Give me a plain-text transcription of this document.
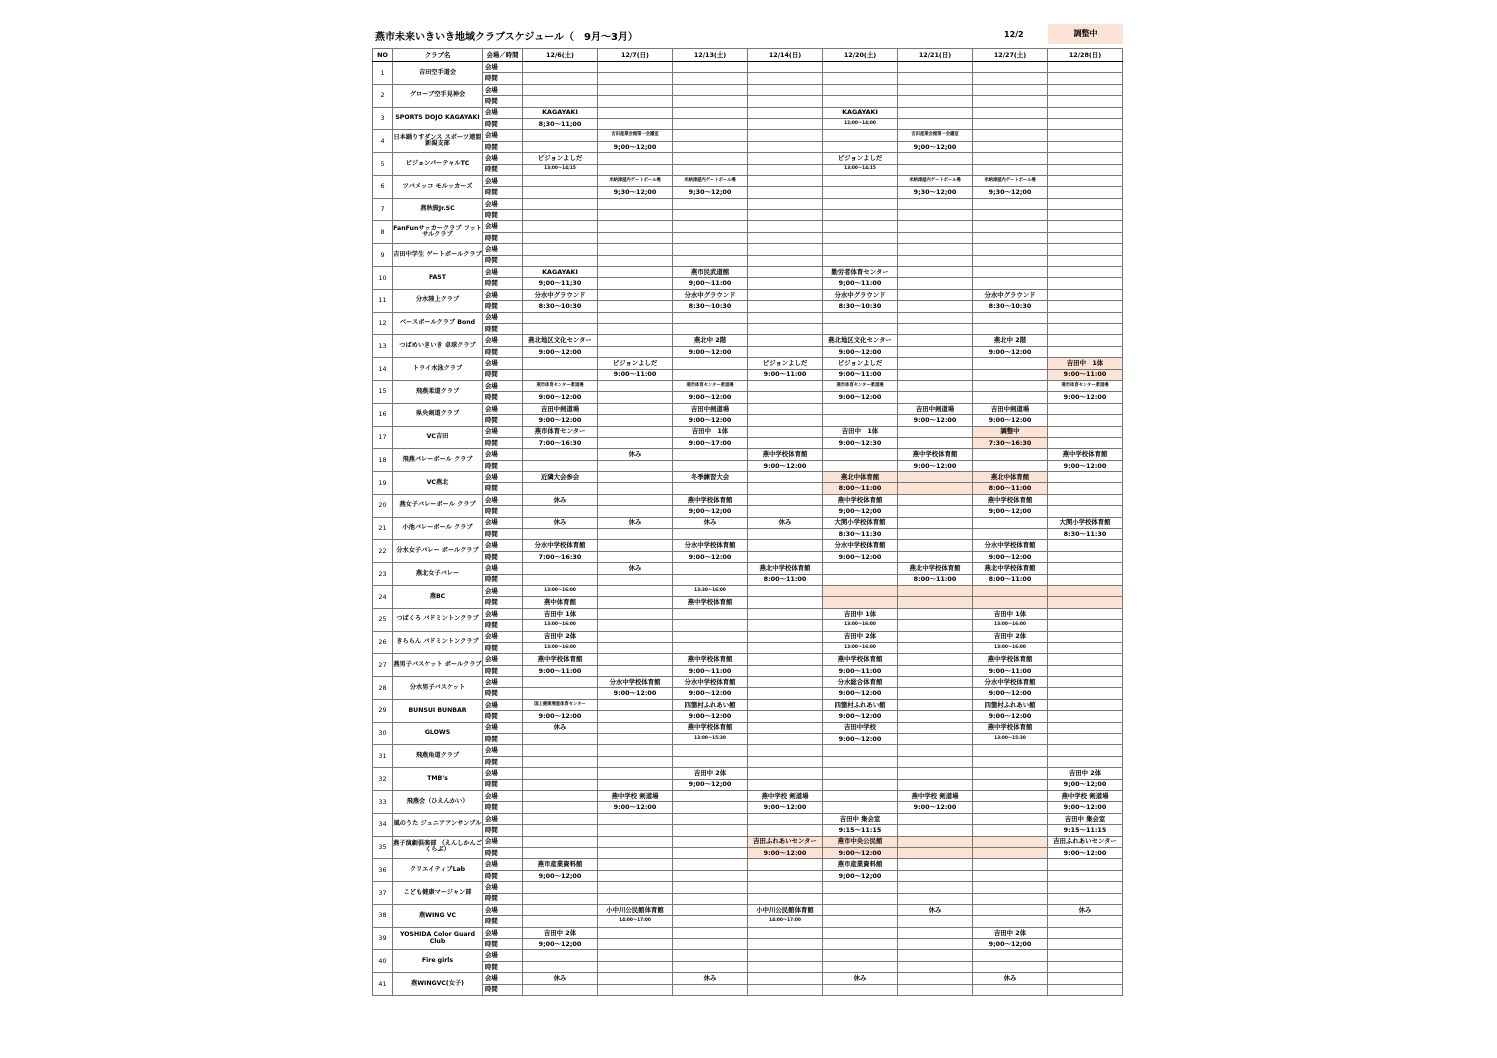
燕市未来いきいき地域クラブスケジュール（　9月～3月）	12/2	調整中
NO	クラブ名	会場／時間	12/6(土)	12/7(日)	12/13(土)	12/14(日)	12/20(土)	12/21(日)	12/27(土)	12/28(日)
1	吉田空手道会	会場								
		時間								
2	グローブ空手見神会	会場								
		時間								
3	SPORTS DOJO KAGAYAKI	会場	KAGAYAKI				KAGAYAKI			
		時間	8;30～11;00				12;00～14;00			
4	日本踊りすダンス スポーツ連盟新潟支部	会場		吉田産業会館第一会議室				吉田産業会館第一会議室		
		時間		9;00～12;00				9;00～12;00		
5	ビジョンパーテャルTC	会場	ビジョンよしだ				ビジョンよしだ			
		時間	13;00～14;15				13;00～14;15			
6	ツバメッコ モルッカーズ	会場		米納津屋内ゲートボール場	米納津屋内ゲートボール場			米納津屋内ゲートボール場	米納津屋内ゲートボール場	
		時間		9;30～12;00	9;30～12;00			9;30～12;00	9;30～12;00	
7	燕秋振Jr.SC	会場								
		時間								
8	FanFunサッカークラブ フットサルクラブ	会場								
		時間								
9	吉田中学生 ゲートボールクラブ	会場								
		時間								
10	FAST	会場	KAGAYAKI		燕市民武道館		勤労者体育センター			
		時間	9;00～11;30		9;00～11:00		9;00～11:00			
11	分水陸上クラブ	会場	分水中グラウンド		分水中グラウンド		分水中グラウンド		分水中グラウンド	
		時間	8:30～10:30		8:30～10:30		8:30～10:30		8:30～10:30	
12	ベースボールクラブ Bond	会場								
		時間								
13	つばめいきいき 卓球クラブ	会場	燕北地区文化センター		燕北中 2階		燕北地区文化センター		燕北中 2階	
		時間	9:00～12:00		9:00～12:00		9:00～12:00		9:00～12:00	
14	トライ水泳クラブ	会場		ビジョンよしだ		ビジョンよしだ	ビジョンよしだ			吉田中　1体
		時間		9:00～11:00		9:00～11:00	9:00～11:00			9:00～11:00
15	飛燕柔道クラブ	会場	燕市体育センター柔道場		燕市体育センター柔道場		燕市体育センター柔道場			燕市体育センター柔道場
		時間	9:00～12:00		9:00～12:00		9:00～12:00			9:00～12:00
16	県央剣道クラブ	会場	吉田中剣道場		吉田中剣道場			吉田中剣道場	吉田中剣道場	
		時間	9:00～12:00		9:00～12:00			9:00～12:00	9:00～12:00	
17	VC吉田	会場	燕市体育センター		吉田中　1体		吉田中　1体		調整中	
		時間	7:00～16:30		9:00～17:00		9:00～12:30		7:30～16:30	
18	飛燕バレーボール クラブ	会場		休み		燕中学校体育館		燕中学校体育館		燕中学校体育館
		時間				9:00～12:00		9:00～12:00		9:00～12:00
19	VC燕北	会場	近隣大会参会		冬季練習大会		燕北中体育館		燕北中体育館	
		時間					8:00～11:00		8:00～11:00	
20	燕女子バレーボール クラブ	会場	休み		燕中学校体育館		燕中学校体育館		燕中学校体育館	
		時間			9;00～12;00		9;00～12;00		9;00～12;00	
21	小池バレーボール クラブ	会場	休み	休み	休み	休み	大関小学校体育館			大関小学校体育館
		時間					8:30～11:30			8:30～11:30
22	分水女子バレー ボールクラブ	会場	分水中学校体育館		分水中学校体育館		分水中学校体育館		分水中学校体育館	
		時間	7:00～16:30		9:00～12:00		9:00～12:00		9:00～12:00	
23	燕北女子バレー	会場		休み		燕北中学校体育館		燕北中学校体育館	燕北中学校体育館	
		時間				8:00～11:00		8:00～11:00	8:00～11:00	
24	燕BC	会場	13:00～16:00		13:30～16:00					
		時間	燕中体育館		燕中学校体育館					
25	つばくろ バドミントンクラブ	会場	吉田中 1体				吉田中 1体		吉田中 1体	
		時間	13:00～16:00				13:00～16:00		13:00～16:00	
26	きららん バドミントンクラブ	会場	吉田中 2体				吉田中 2体		吉田中 2体	
		時間	13:00～16:00				13:00～16:00		13:00～16:00	
27	燕男子バスケット ボールクラブ	会場	燕中学校体育館		燕中学校体育館		燕中学校体育館		燕中学校体育館	
		時間	9:00～11:00		9:00～11:00		9:00～11:00		9:00～11:00	
28	分水男子バスケット	会場		分水中学校体育館	分水中学校体育館		分水総合体育館		分水中学校体育館	
		時間		9:00～12:00	9:00～12:00		9:00～12:00		9:00～12:00	
29	BUNSUI BUNBAR	会場	国上健康増進体育センター		四箇村ふれあい館		四箇村ふれあい館		四箇村ふれあい館	
		時間	9:00～12:00		9:00～12:00		9:00～12:00		9:00～12:00	
30	GLOWS	会場	休み		燕中学校体育館		吉田中学校		燕中学校体育館	
		時間			13:00～15:30		9:00～12:00		13:00～15:30	
31	飛燕角道クラブ	会場								
		時間								
32	TMB's	会場			吉田中 2体					吉田中 2体
		時間			9;00～12;00					9;00～12;00
33	飛燕会（ひえんかい）	会場		燕中学校 剣道場		燕中学校 剣道場		燕中学校 剣道場		燕中学校 剣道場
		時間		9:00～12:00		9:00～12:00		9:00～12:00		9:00～12:00
34	風のうた ジュニアアンサンブル	会場					吉田中 集会室			吉田中 集会室
		時間					9:15～11:15			9:15～11:15
35	燕子演劇倶楽部 （えんしかんごくらぶ）	会場				吉田ふれあいセンター	燕市中央公民館			吉田ふれあいセンター
		時間				9:00～12:00	9:00～12:00			9:00～12:00
36	クリエイティブLab	会場	燕市産業資料館				燕市産業資料館			
		時間	9;00～12;00				9;00～12;00			
37	こども健康マージャン部	会場								
		時間								
38	燕WING VC	会場		小中川公民館体育館		小中川公民館体育館		休み		休み
		時間		14:00～17:00		14:00～17:00				
39	YOSHIDA Color Guard Club	会場	吉田中 2体						吉田中 2体	
		時間	9;00～12;00						9;00～12;00	
40	Fire girls	会場								
		時間								
41	燕WINGVC(女子)	会場	休み		休み		休み		休み	
		時間								
